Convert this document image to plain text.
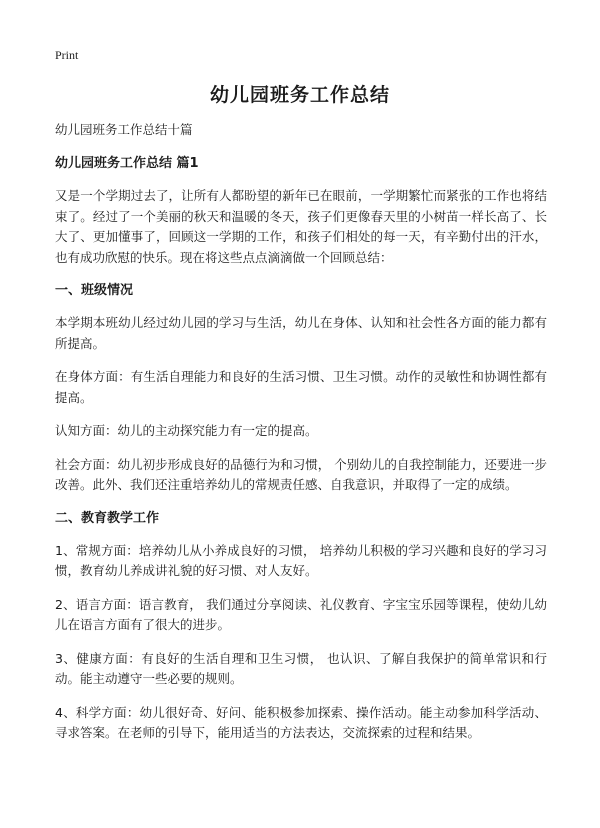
Print
幼儿园班务工作总结
幼儿园班务工作总结十篇
幼儿园班务工作总结 篇1

又是一个学期过去了，让所有人都盼望的新年已在眼前，一学期繁忙而紧张的工作也将结束了。经过了一个美丽的秋天和温暖的冬天，孩子们更像春天里的小树苗一样长高了、长大了、更加懂事了，回顾这一学期的工作，和孩子们相处的每一天，有辛勤付出的汗水，也有成功欣慰的快乐。现在将这些点点滴滴做一个回顾总结：

一、班级情况

本学期本班幼儿经过幼儿园的学习与生活，幼儿在身体、认知和社会性各方面的能力都有所提高。

在身体方面：有生活自理能力和良好的生活习惯、卫生习惯。动作的灵敏性和协调性都有提高。

认知方面：幼儿的主动探究能力有一定的提高。

社会方面：幼儿初步形成良好的品德行为和习惯， 个别幼儿的自我控制能力，还要进一步改善。此外、我们还注重培养幼儿的常规责任感、自我意识，并取得了一定的成绩。

二、教育教学工作

1、常规方面：培养幼儿从小养成良好的习惯， 培养幼儿积极的学习兴趣和良好的学习习惯，教育幼儿养成讲礼貌的好习惯、对人友好。

2、语言方面：语言教育， 我们通过分享阅读、礼仪教育、字宝宝乐园等课程，使幼儿幼儿在语言方面有了很大的进步。

3、健康方面：有良好的生活自理和卫生习惯， 也认识、了解自我保护的简单常识和行动。能主动遵守一些必要的规则。

4、科学方面：幼儿很好奇、好问、能积极参加探索、操作活动。能主动参加科学活动、寻求答案。在老师的引导下，能用适当的方法表达，交流探索的过程和结果。
